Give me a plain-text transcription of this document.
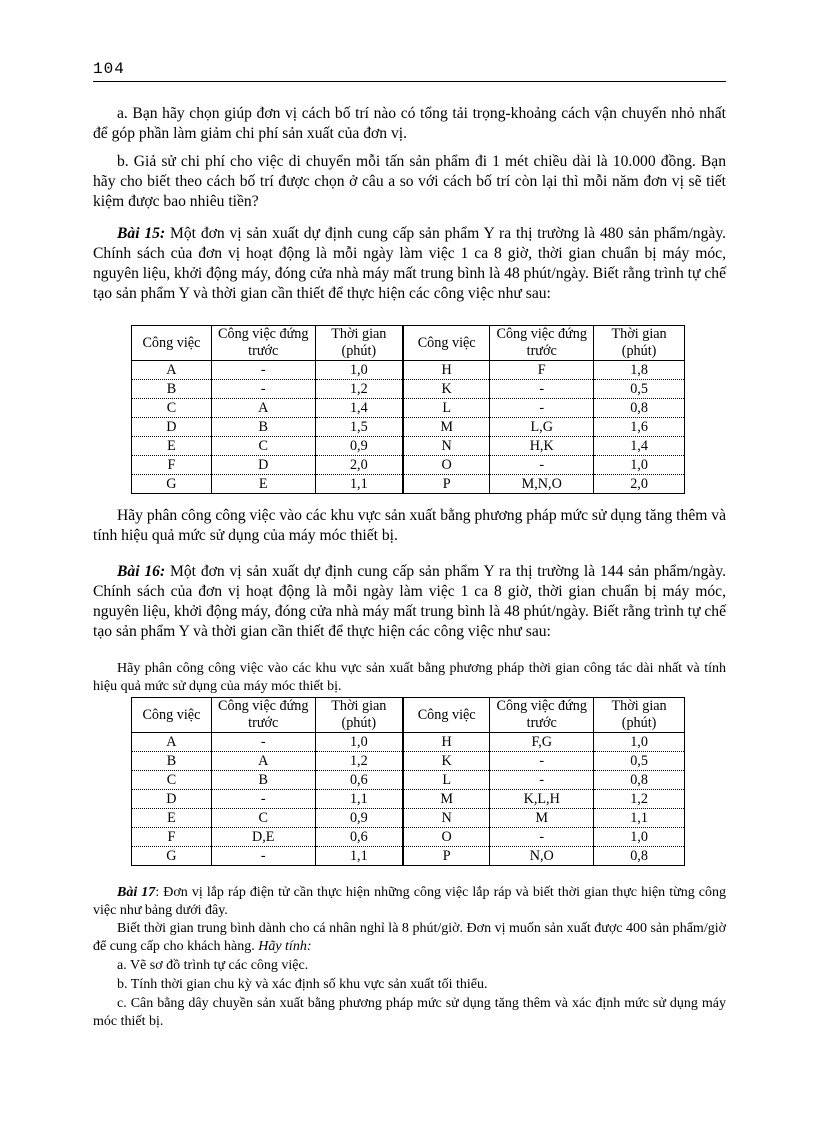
104

a. Bạn hãy chọn giúp đơn vị cách bố trí nào có tổng tải trọng-khoảng cách vận chuyển nhỏ nhất để góp phần làm giảm chi phí sản xuất của đơn vị.

b. Giả sử chi phí cho việc di chuyển mỗi tấn sản phẩm đi 1 mét chiều dài là 10.000 đồng. Bạn hãy cho biết theo cách bố trí được chọn ở câu a so với cách bố trí còn lại thì mỗi năm đơn vị sẽ tiết kiệm được bao nhiêu tiền?

Bài 15: Một đơn vị sản xuất dự định cung cấp sản phẩm Y ra thị trường là 480 sản phẩm/ngày. Chính sách của đơn vị hoạt động là mỗi ngày làm việc 1 ca 8 giờ, thời gian chuẩn bị máy móc, nguyên liệu, khởi động máy, đóng cửa nhà máy mất trung bình là 48 phút/ngày. Biết rằng trình tự chế tạo sản phẩm Y và thời gian cần thiết để thực hiện các công việc như sau:

Công việc	Công việc đứng trước	Thời gian (phút)	Công việc	Công việc đứng trước	Thời gian (phút)
A	-	1,0	H	F	1,8
B	-	1,2	K	-	0,5
C	A	1,4	L	-	0,8
D	B	1,5	M	L,G	1,6
E	C	0,9	N	H,K	1,4
F	D	2,0	O	-	1,0
G	E	1,1	P	M,N,O	2,0

Hãy phân công công việc vào các khu vực sản xuất bằng phương pháp mức sử dụng tăng thêm và tính hiệu quả mức sử dụng của máy móc thiết bị.

Bài 16: Một đơn vị sản xuất dự định cung cấp sản phẩm Y ra thị trường là 144 sản phẩm/ngày. Chính sách của đơn vị hoạt động là mỗi ngày làm việc 1 ca 8 giờ, thời gian chuẩn bị máy móc, nguyên liệu, khởi động máy, đóng cửa nhà máy mất trung bình là 48 phút/ngày. Biết rằng trình tự chế tạo sản phẩm Y và thời gian cần thiết để thực hiện các công việc như sau:

Hãy phân công công việc vào các khu vực sản xuất bằng phương pháp thời gian công tác dài nhất và tính hiệu quả mức sử dụng của máy móc thiết bị.

Công việc	Công việc đứng trước	Thời gian (phút)	Công việc	Công việc đứng trước	Thời gian (phút)
A	-	1,0	H	F,G	1,0
B	A	1,2	K	-	0,5
C	B	0,6	L	-	0,8
D	-	1,1	M	K,L,H	1,2
E	C	0,9	N	M	1,1
F	D,E	0,6	O	-	1,0
G	-	1,1	P	N,O	0,8

Bài 17: Đơn vị lắp ráp điện tử cần thực hiện những công việc lắp ráp và biết thời gian thực hiện từng công việc như bảng dưới đây.

Biết thời gian trung bình dành cho cá nhân nghỉ là 8 phút/giờ. Đơn vị muốn sản xuất được 400 sản phẩm/giờ để cung cấp cho khách hàng. Hãy tính:

a. Vẽ sơ đồ trình tự các công việc.

b. Tính thời gian chu kỳ và xác định số khu vực sản xuất tối thiểu.

c. Cân bằng dây chuyền sản xuất bằng phương pháp mức sử dụng tăng thêm và xác định mức sử dụng máy móc thiết bị.
